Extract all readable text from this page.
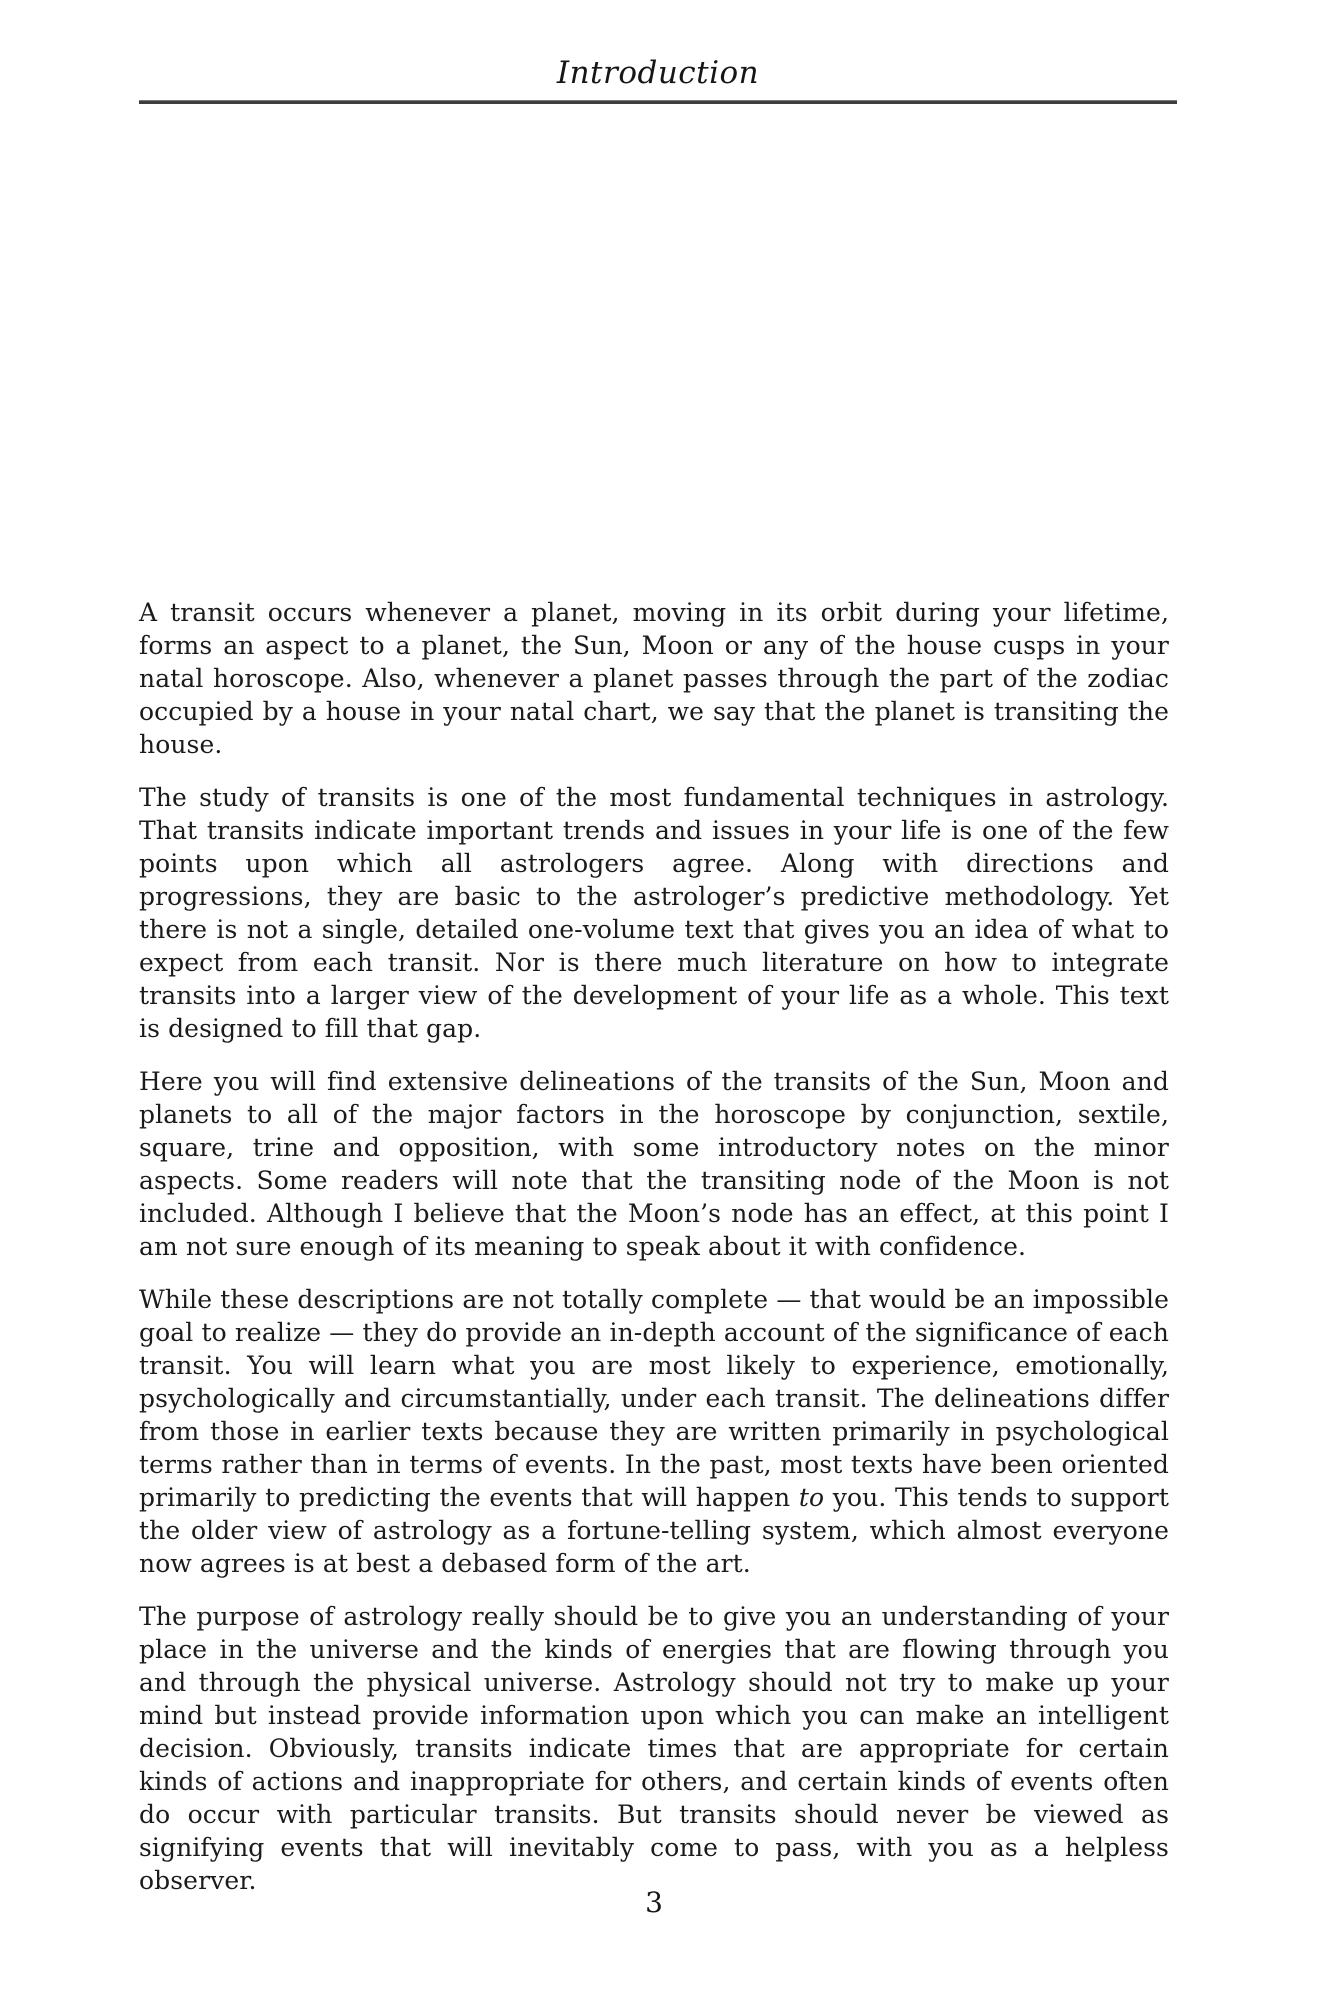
Introduction

A transit occurs whenever a planet, moving in its orbit during your lifetime, forms an aspect to a planet, the Sun, Moon or any of the house cusps in your natal horoscope. Also, whenever a planet passes through the part of the zodiac occupied by a house in your natal chart, we say that the planet is transiting the house.

The study of transits is one of the most fundamental techniques in astrology. That transits indicate important trends and issues in your life is one of the few points upon which all astrologers agree. Along with directions and progressions, they are basic to the astrologer’s predictive methodology. Yet there is not a single, detailed one-volume text that gives you an idea of what to expect from each transit. Nor is there much literature on how to integrate transits into a larger view of the development of your life as a whole. This text is designed to fill that gap.

Here you will find extensive delineations of the transits of the Sun, Moon and planets to all of the major factors in the horoscope by conjunction, sextile, square, trine and opposition, with some introductory notes on the minor aspects. Some readers will note that the transiting node of the Moon is not included. Although I believe that the Moon’s node has an effect, at this point I am not sure enough of its meaning to speak about it with confidence.

While these descriptions are not totally complete — that would be an impossible goal to realize — they do provide an in-depth account of the significance of each transit. You will learn what you are most likely to experience, emotionally, psychologically and circumstantially, under each transit. The delineations differ from those in earlier texts because they are written primarily in psychological terms rather than in terms of events. In the past, most texts have been oriented primarily to predicting the events that will happen to you. This tends to support the older view of astrology as a fortune-telling system, which almost everyone now agrees is at best a debased form of the art.

The purpose of astrology really should be to give you an understanding of your place in the universe and the kinds of energies that are flowing through you and through the physical universe. Astrology should not try to make up your mind but instead provide information upon which you can make an intelligent decision. Obviously, transits indicate times that are appropriate for certain kinds of actions and inappropriate for others, and certain kinds of events often do occur with particular transits. But transits should never be viewed as signifying events that will inevitably come to pass, with you as a helpless observer.

3
